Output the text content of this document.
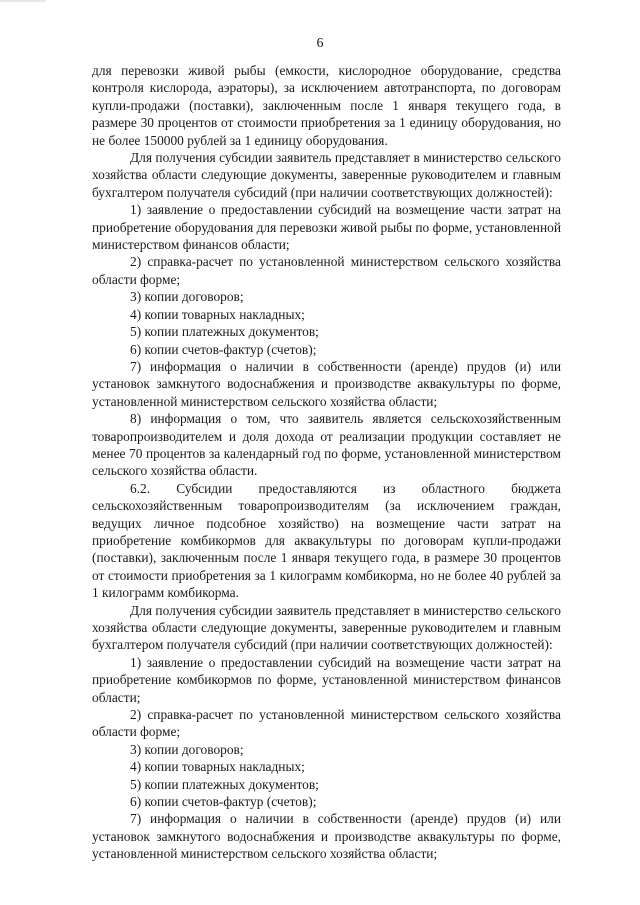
6

для перевозки живой рыбы (емкости, кислородное оборудование, средства контроля кислорода, аэраторы), за исключением автотранспорта, по договорам купли-продажи (поставки), заключенным после 1 января текущего года, в размере 30 процентов от стоимости приобретения за 1 единицу оборудования, но не более 150000 рублей за 1 единицу оборудования.

Для получения субсидии заявитель представляет в министерство сельского хозяйства области следующие документы, заверенные руководителем и главным бухгалтером получателя субсидий (при наличии соответствующих должностей):

1) заявление о предоставлении субсидий на возмещение части затрат на приобретение оборудования для перевозки живой рыбы по форме, установленной министерством финансов области;

2) справка-расчет по установленной министерством сельского хозяйства области форме;

3) копии договоров;

4) копии товарных накладных;

5) копии платежных документов;

6) копии счетов-фактур (счетов);

7) информация о наличии в собственности (аренде) прудов (и) или установок замкнутого водоснабжения и производстве аквакультуры по форме, установленной министерством сельского хозяйства области;

8) информация о том, что заявитель является сельскохозяйственным товаропроизводителем и доля дохода от реализации продукции составляет не менее 70 процентов за календарный год по форме, установленной министерством сельского хозяйства области.

6.2. Субсидии предоставляются из областного бюджета сельскохозяйственным товаропроизводителям (за исключением граждан, ведущих личное подсобное хозяйство) на возмещение части затрат на приобретение комбикормов для аквакультуры по договорам купли-продажи (поставки), заключенным после 1 января текущего года, в размере 30 процентов от стоимости приобретения за 1 килограмм комбикорма, но не более 40 рублей за 1 килограмм комбикорма.

Для получения субсидии заявитель представляет в министерство сельского хозяйства области следующие документы, заверенные руководителем и главным бухгалтером получателя субсидий (при наличии соответствующих должностей):

1) заявление о предоставлении субсидий на возмещение части затрат на приобретение комбикормов по форме, установленной министерством финансов области;

2) справка-расчет по установленной министерством сельского хозяйства области форме;

3) копии договоров;

4) копии товарных накладных;

5) копии платежных документов;

6) копии счетов-фактур (счетов);

7) информация о наличии в собственности (аренде) прудов (и) или установок замкнутого водоснабжения и производстве аквакультуры по форме, установленной министерством сельского хозяйства области;
